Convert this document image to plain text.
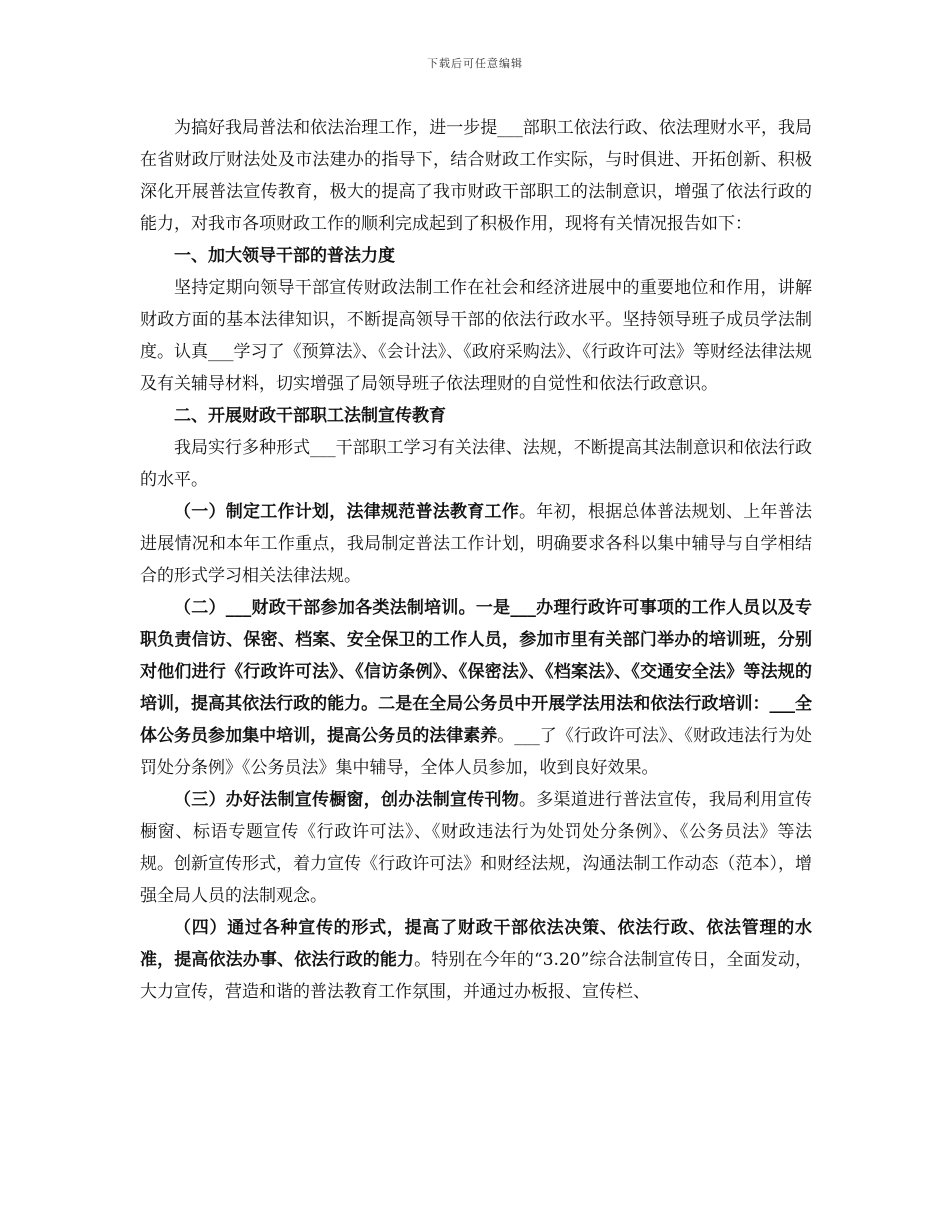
下载后可任意编辑

为搞好我局普法和依法治理工作，进一步提___部职工依法行政、依法理财水平，我局在省财政厅财法处及市法建办的指导下，结合财政工作实际，与时俱进、开拓创新、积极深化开展普法宣传教育，极大的提高了我市财政干部职工的法制意识，增强了依法行政的能力，对我市各项财政工作的顺利完成起到了积极作用，现将有关情况报告如下：

一、加大领导干部的普法力度

坚持定期向领导干部宣传财政法制工作在社会和经济进展中的重要地位和作用，讲解财政方面的基本法律知识，不断提高领导干部的依法行政水平。坚持领导班子成员学法制度。认真___学习了《预算法》、《会计法》、《政府采购法》、《行政许可法》等财经法律法规及有关辅导材料，切实增强了局领导班子依法理财的自觉性和依法行政意识。

二、开展财政干部职工法制宣传教育

我局实行多种形式___干部职工学习有关法律、法规，不断提高其法制意识和依法行政的水平。

（一）制定工作计划，法律规范普法教育工作。年初，根据总体普法规划、上年普法进展情况和本年工作重点，我局制定普法工作计划，明确要求各科以集中辅导与自学相结合的形式学习相关法律法规。

（二）___财政干部参加各类法制培训。一是___办理行政许可事项的工作人员以及专职负责信访、保密、档案、安全保卫的工作人员，参加市里有关部门举办的培训班，分别对他们进行《行政许可法》、《信访条例》、《保密法》、《档案法》、《交通安全法》等法规的培训，提高其依法行政的能力。二是在全局公务员中开展学法用法和依法行政培训：___全体公务员参加集中培训，提高公务员的法律素养。___了《行政许可法》、《财政违法行为处罚处分条例》《公务员法》集中辅导，全体人员参加，收到良好效果。

（三）办好法制宣传橱窗，创办法制宣传刊物。多渠道进行普法宣传，我局利用宣传橱窗、标语专题宣传《行政许可法》、《财政违法行为处罚处分条例》、《公务员法》等法规。创新宣传形式，着力宣传《行政许可法》和财经法规，沟通法制工作动态（范本），增强全局人员的法制观念。

（四）通过各种宣传的形式，提高了财政干部依法决策、依法行政、依法管理的水准，提高依法办事、依法行政的能力。特别在今年的“3.20”综合法制宣传日，全面发动，大力宣传，营造和谐的普法教育工作氛围，并通过办板报、宣传栏、
